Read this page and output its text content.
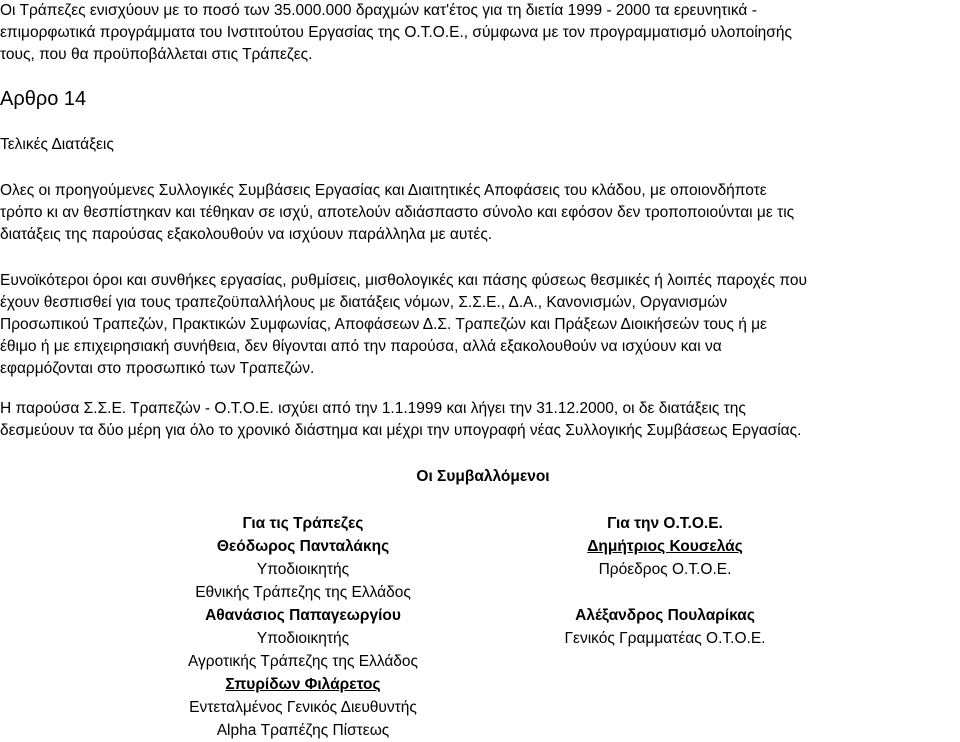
Οι Τράπεζες ενισχύουν με το ποσό των 35.000.000 δραχμών κατ'έτος για τη διετία 1999 - 2000 τα ερευνητικά -
επιμορφωτικά προγράμματα του Ινστιτούτου Εργασίας της Ο.Τ.Ο.Ε., σύμφωνα με τον προγραμματισμό υλοποίησής
τους, που θα προϋποβάλλεται στις Τράπεζες.
Αρθρο 14
Τελικές Διατάξεις
Ολες οι προηγούμενες Συλλογικές Συμβάσεις Εργασίας και Διαιτητικές Αποφάσεις του κλάδου, με οποιονδήποτε
τρόπο κι αν θεσπίστηκαν και τέθηκαν σε ισχύ, αποτελούν αδιάσπαστο σύνολο και εφόσον δεν τροποποιούνται με τις
διατάξεις της παρούσας εξακολουθούν να ισχύουν παράλληλα με αυτές.
Ευνοϊκότεροι όροι και συνθήκες εργασίας, ρυθμίσεις, μισθολογικές και πάσης φύσεως θεσμικές ή λοιπές παροχές που
έχουν θεσπισθεί για τους τραπεζοϋπαλλήλους με διατάξεις νόμων, Σ.Σ.Ε., Δ.Α., Κανονισμών, Οργανισμών
Προσωπικού Τραπεζών, Πρακτικών Συμφωνίας, Αποφάσεων Δ.Σ. Τραπεζών και Πράξεων Διοικήσεών τους ή με
έθιμο ή με επιχειρησιακή συνήθεια, δεν θίγονται από την παρούσα, αλλά εξακολουθούν να ισχύουν και να
εφαρμόζονται στο προσωπικό των Τραπεζών.
Η παρούσα Σ.Σ.Ε. Τραπεζών - Ο.Τ.Ο.Ε. ισχύει από την 1.1.1999 και λήγει την 31.12.2000, οι δε διατάξεις της
δεσμεύουν τα δύο μέρη για όλο το χρονικό διάστημα και μέχρι την υπογραφή νέας Συλλογικής Συμβάσεως Εργασίας.
Οι Συμβαλλόμενοι
Για τις Τράπεζες
Θεόδωρος Πανταλάκης
Υποδιοικητής
Εθνικής Τράπεζης της Ελλάδος
Αθανάσιος Παπαγεωργίου
Υποδιοικητής
Αγροτικής Τράπεζης της Ελλάδος
Σπυρίδων Φιλάρετος
Εντεταλμένος Γενικός Διευθυντής
Alpha Τραπέζης Πίστεως
Για την Ο.Τ.Ο.Ε.
Δημήτριος Κουσελάς
Πρόεδρος Ο.Τ.Ο.Ε.
Αλέξανδρος Πουλαρίκας
Γενικός Γραμματέας Ο.Τ.Ο.Ε.
